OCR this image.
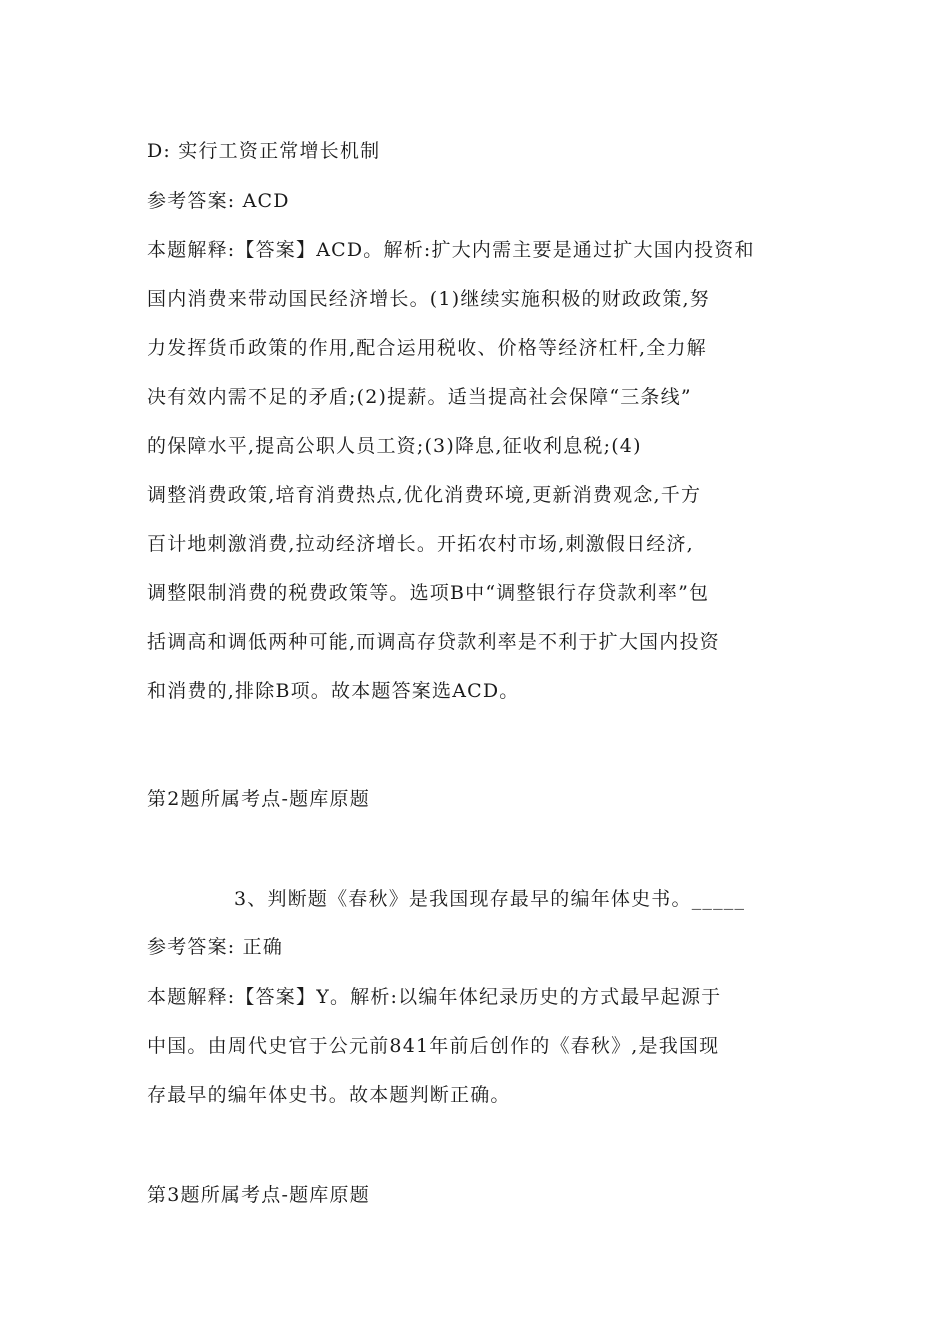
D: 实行工资正常增长机制
参考答案: ACD
本题解释:【答案】ACD。解析:扩大内需主要是通过扩大国内投资和
国内消费来带动国民经济增长。(1)继续实施积极的财政政策,努
力发挥货币政策的作用,配合运用税收、价格等经济杠杆,全力解
决有效内需不足的矛盾;(2)提薪。适当提高社会保障“三条线”
的保障水平,提高公职人员工资;(3)降息,征收利息税;(4)
调整消费政策,培育消费热点,优化消费环境,更新消费观念,千方
百计地刺激消费,拉动经济增长。开拓农村市场,刺激假日经济,
调整限制消费的税费政策等。选项B中“调整银行存贷款利率”包
括调高和调低两种可能,而调高存贷款利率是不利于扩大国内投资
和消费的,排除B项。故本题答案选ACD。
第2题所属考点-题库原题
3、判断题《春秋》是我国现存最早的编年体史书。_____
参考答案: 正确
本题解释:【答案】Y。解析:以编年体纪录历史的方式最早起源于
中国。由周代史官于公元前841年前后创作的《春秋》,是我国现
存最早的编年体史书。故本题判断正确。
第3题所属考点-题库原题
